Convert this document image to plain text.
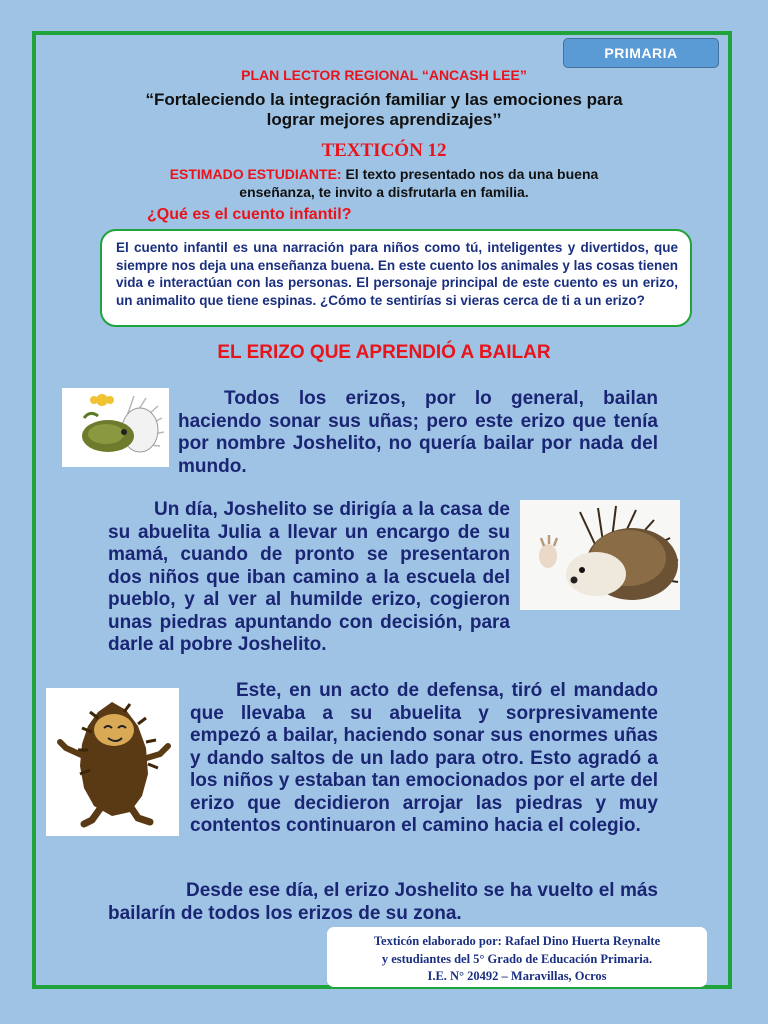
PRIMARIA
PLAN LECTOR REGIONAL “ANCASH LEE”
“Fortaleciendo la integración familiar y las emociones para
lograr mejores aprendizajes’’
TEXTICÓN 12
ESTIMADO ESTUDIANTE: El texto presentado nos da una buena
enseñanza, te invito a disfrutarla en familia.
¿Qué es el cuento infantil?
El cuento infantil es una narración para niños como tú, inteligentes y divertidos, que siempre nos deja una enseñanza buena. En este cuento los animales y las cosas tienen vida e interactúan con las personas. El personaje principal de este cuento es un erizo, un animalito que tiene espinas. ¿Cómo te sentirías si vieras cerca de ti a un erizo?
EL ERIZO QUE APRENDIÓ A BAILAR

Todos los erizos, por lo general, bailan haciendo sonar sus uñas; pero este erizo que tenía por nombre Joshelito, no quería bailar por nada del mundo.

Un día, Joshelito se dirigía a la casa de su abuelita Julia a llevar un encargo de su mamá, cuando de pronto se presentaron dos niños que iban camino a la escuela del pueblo, y al ver al humilde erizo, cogieron unas piedras apuntando con decisión, para darle al pobre Joshelito.

Este, en un acto de defensa, tiró el mandado que llevaba a su abuelita y sorpresivamente empezó a bailar, haciendo sonar sus enormes uñas y dando saltos de un lado para otro. Esto agradó a los niños y estaban tan emocionados por el arte del erizo que decidieron arrojar las piedras y muy contentos continuaron el camino hacia el colegio.

Desde ese día, el erizo Joshelito se ha vuelto el más bailarín de todos los erizos de su zona.

Texticón elaborado por: Rafael Dino Huerta Reynalte
y estudiantes del 5° Grado de Educación Primaria.
I.E. N° 20492 – Maravillas, Ocros
